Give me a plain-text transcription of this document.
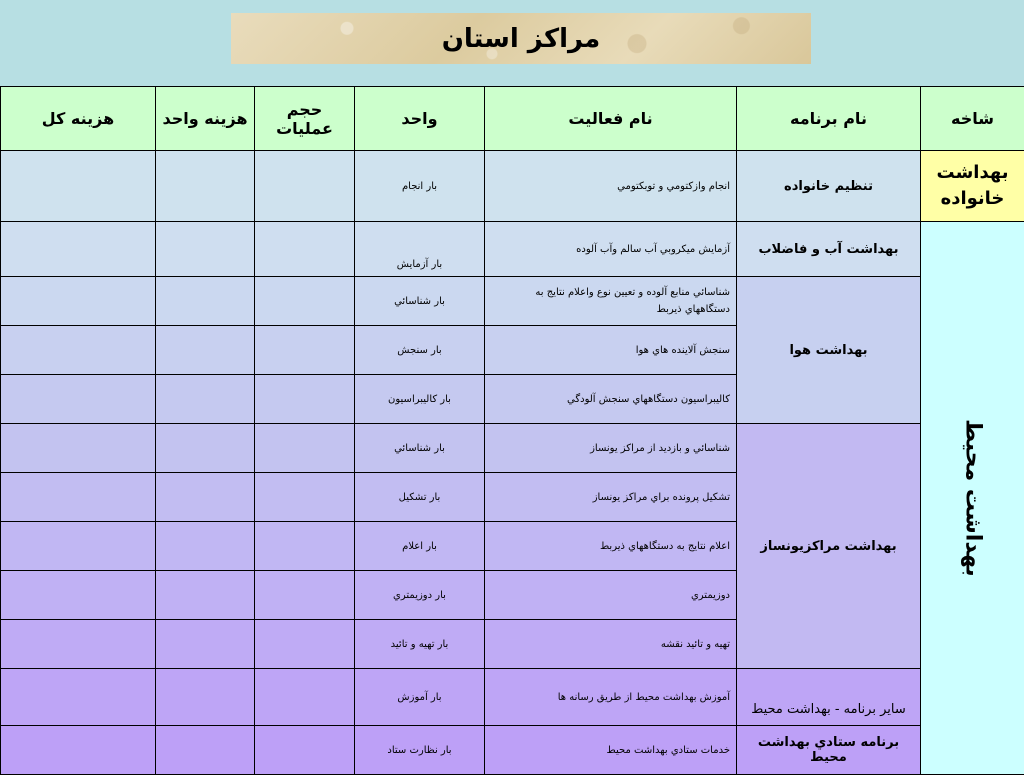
مراکز استان
شاخه	نام برنامه	نام فعاليت	واحد	حجم عمليات	هزينه واحد	هزينه کل
بهداشت خانواده	تنظيم خانواده	انجام وازکتومي و توبکتومي	بار انجام			

بهداشت محيط	بهداشت آب و فاضلاب	آزمايش ميکروبي آب سالم وآب آلوده	بار آزمايش			
	بهداشت هوا	شناسائي منابع آلوده و تعيين نوع واعلام نتايج به دستگاههاي ذيربط	بار شناسائي			
		سنجش آلاينده هاي هوا	بار سنجش			
		کاليبراسيون دستگاههاي سنجش آلودگي	بار کاليبراسيون			
	بهداشت مراکزيونساز	شناسائي و بازديد از مراکز يونساز	بار شناسائي			
		تشکيل پرونده براي مراکز يونساز	بار تشکيل			
		اعلام نتايج به دستگاههاي ذيربط	بار اعلام			
		دوزيمتري	بار دوزيمتري			
		تهيه و تائيد نقشه	بار تهيه و تائيد			
	ساير برنامه - بهداشت محيط	آموزش بهداشت محيط از طريق رسانه ها	بار آموزش			
	برنامه ستادي بهداشت محيط	خدمات ستادي بهداشت محيط	بار نظارت ستاد			
